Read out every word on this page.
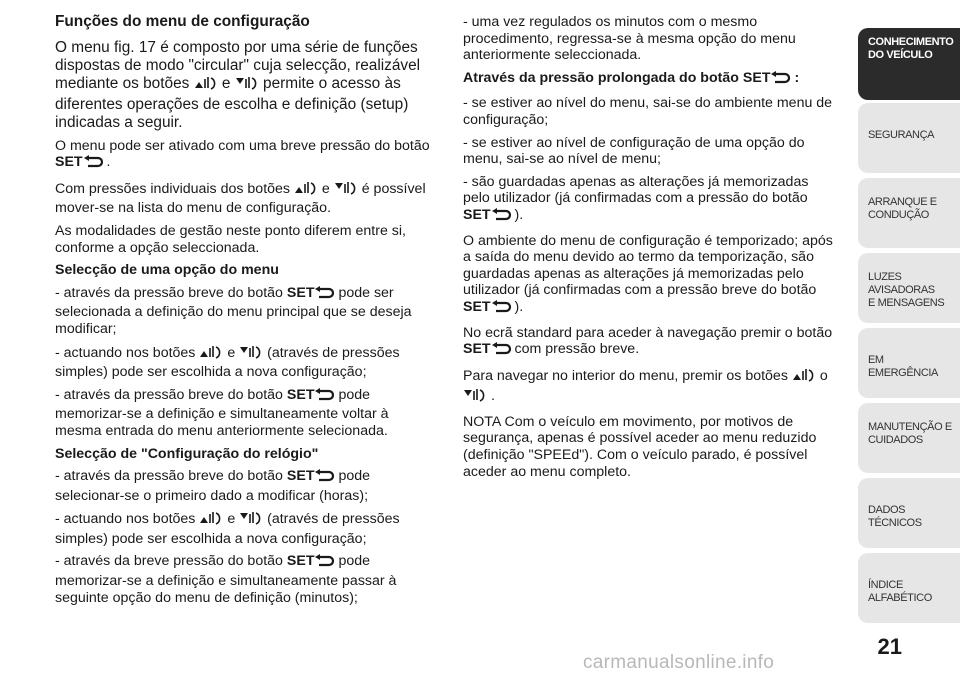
Funções do menu de configuração

O menu fig. 17 é composto por uma série de funções dispostas de modo "circular" cuja selecção, realizável mediante os botões e permite o acesso às diferentes operações de escolha e definição (setup) indicadas a seguir.

O menu pode ser ativado com uma breve pressão do botão SET .

Com pressões individuais dos botões e é possível mover-se na lista do menu de configuração.

As modalidades de gestão neste ponto diferem entre si, conforme a opção seleccionada.

Selecção de uma opção do menu

- através da pressão breve do botão SET pode ser selecionada a definição do menu principal que se deseja modificar;

- actuando nos botões e (através de pressões simples) pode ser escolhida a nova configuração;

- através da pressão breve do botão SET pode memorizar-se a definição e simultaneamente voltar à mesma entrada do menu anteriormente selecionada.

Selecção de "Configuração do relógio"

- através da pressão breve do botão SET pode selecionar-se o primeiro dado a modificar (horas);

- actuando nos botões e (através de pressões simples) pode ser escolhida a nova configuração;

- através da breve pressão do botão SET pode memorizar-se a definição e simultaneamente passar à seguinte opção do menu de definição (minutos);

- uma vez regulados os minutos com o mesmo procedimento, regressa-se à mesma opção do menu anteriormente seleccionada.

Através da pressão prolongada do botão SET :

- se estiver ao nível do menu, sai-se do ambiente menu de configuração;

- se estiver ao nível de configuração de uma opção do menu, sai-se ao nível de menu;

- são guardadas apenas as alterações já memorizadas pelo utilizador (já confirmadas com a pressão do botão SET ).

O ambiente do menu de configuração é temporizado; após a saída do menu devido ao termo da temporização, são guardadas apenas as alterações já memorizadas pelo utilizador (já confirmadas com a pressão breve do botão SET ).

No ecrã standard para aceder à navegação premir o botão SET com pressão breve.

Para navegar no interior do menu, premir os botões o  .

NOTA Com o veículo em movimento, por motivos de segurança, apenas é possível aceder ao menu reduzido (definição "SPEEd"). Com o veículo parado, é possível aceder ao menu completo.

CONHECIMENTO
DO VEÍCULO
SEGURANÇA
ARRANQUE E
CONDUÇÃO
LUZES AVISADORAS
E MENSAGENS
EM EMERGÊNCIA
MANUTENÇÃO E
CUIDADOS
DADOS TÉCNICOS
ÍNDICE ALFABÉTICO
21
carmanualsonline.info
